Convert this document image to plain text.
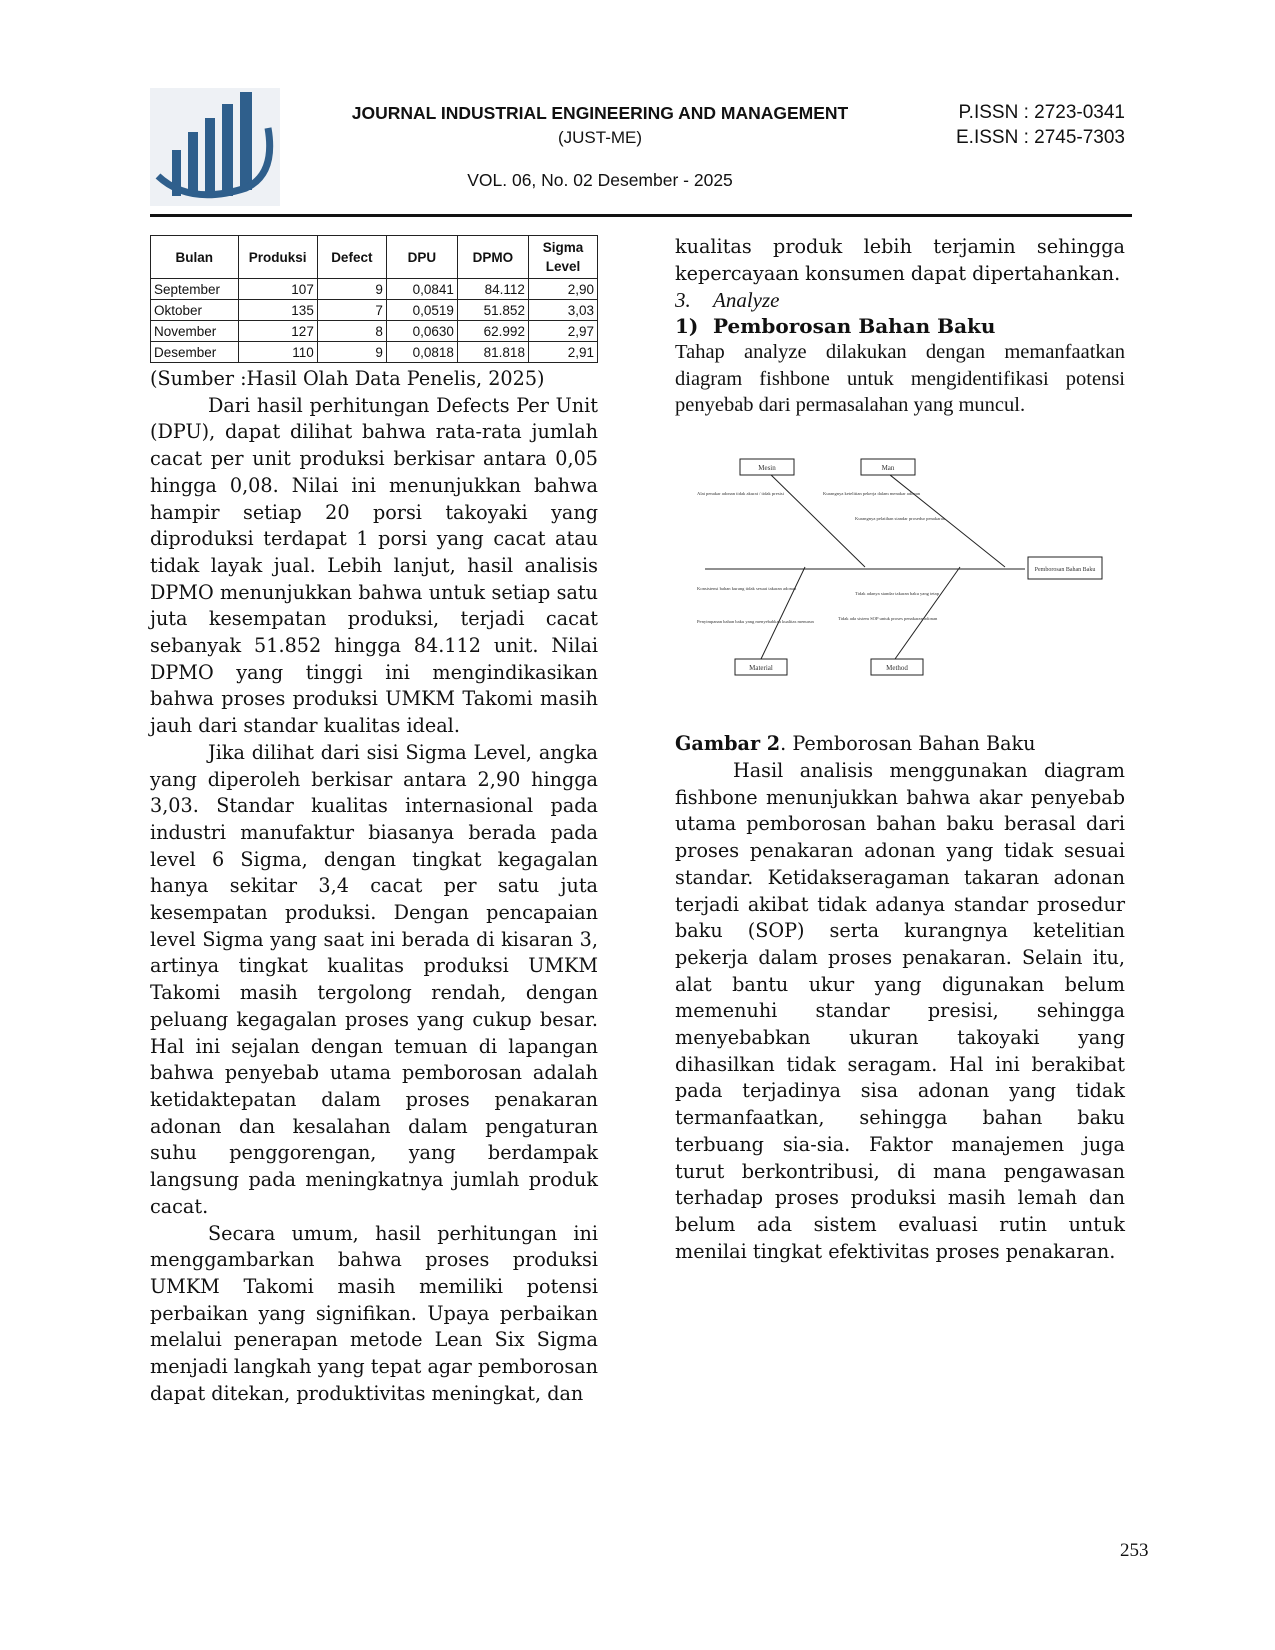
JOURNAL INDUSTRIAL ENGINEERING AND MANAGEMENT
(JUST-ME)
VOL. 06, No. 02 Desember - 2025
P.ISSN : 2723-0341
E.ISSN : 2745-7303
Bulan	Produksi	Defect	DPU	DPMO	Sigma Level
September	107	9	0,0841	84.112	2,90
Oktober	135	7	0,0519	51.852	3,03
November	127	8	0,0630	62.992	2,97
Desember	110	9	0,0818	81.818	2,91

(Sumber :Hasil Olah Data Penelis, 2025)

Dari hasil perhitungan Defects Per Unit (DPU), dapat dilihat bahwa rata-rata jumlah cacat per unit produksi berkisar antara 0,05 hingga 0,08. Nilai ini menunjukkan bahwa hampir setiap 20 porsi takoyaki yang diproduksi terdapat 1 porsi yang cacat atau tidak layak jual. Lebih lanjut, hasil analisis DPMO menunjukkan bahwa untuk setiap satu juta kesempatan produksi, terjadi cacat sebanyak 51.852 hingga 84.112 unit. Nilai DPMO yang tinggi ini mengindikasikan bahwa proses produksi UMKM Takomi masih jauh dari standar kualitas ideal.

Jika dilihat dari sisi Sigma Level, angka yang diperoleh berkisar antara 2,90 hingga 3,03. Standar kualitas internasional pada industri manufaktur biasanya berada pada level 6 Sigma, dengan tingkat kegagalan hanya sekitar 3,4 cacat per satu juta kesempatan produksi. Dengan pencapaian level Sigma yang saat ini berada di kisaran 3, artinya tingkat kualitas produksi UMKM Takomi masih tergolong rendah, dengan peluang kegagalan proses yang cukup besar. Hal ini sejalan dengan temuan di lapangan bahwa penyebab utama pemborosan adalah ketidaktepatan dalam proses penakaran adonan dan kesalahan dalam pengaturan suhu penggorengan, yang berdampak langsung pada meningkatnya jumlah produk cacat.

Secara umum, hasil perhitungan ini menggambarkan bahwa proses produksi UMKM Takomi masih memiliki potensi perbaikan yang signifikan. Upaya perbaikan melalui penerapan metode Lean Six Sigma menjadi langkah yang tepat agar pemborosan dapat ditekan, produktivitas meningkat, dan

kualitas produk lebih terjamin sehingga kepercayaan konsumen dapat dipertahankan.

3. Analyze

1) Pemborosan Bahan Baku

Tahap analyze dilakukan dengan memanfaatkan diagram fishbone untuk mengidentifikasi potensi penyebab dari permasalahan yang muncul.

Pemborosan Bahan Baku
Mesin	Man
Material	Method
Alat penakar adonan tidak akurat / tidak presisi	Kurangnya ketelitian pekerja dalam menakar adonan
Kurangnya pelatihan standar prosedur penakaran
Konsistensi bahan kurang tidak sesuai takaran adonan
Penyimpanan bahan baku yang menyebabkan kualitas menurun
Tidak adanya standar takaran baku yang tetap
Tidak ada sistem SOP untuk proses penakaran adonan
Gambar 2. Pemborosan Bahan Baku

Hasil analisis menggunakan diagram fishbone menunjukkan bahwa akar penyebab utama pemborosan bahan baku berasal dari proses penakaran adonan yang tidak sesuai standar. Ketidakseragaman takaran adonan terjadi akibat tidak adanya standar prosedur baku (SOP) serta kurangnya ketelitian pekerja dalam proses penakaran. Selain itu, alat bantu ukur yang digunakan belum memenuhi standar presisi, sehingga menyebabkan ukuran takoyaki yang dihasilkan tidak seragam. Hal ini berakibat pada terjadinya sisa adonan yang tidak termanfaatkan, sehingga bahan baku terbuang sia-sia. Faktor manajemen juga turut berkontribusi, di mana pengawasan terhadap proses produksi masih lemah dan belum ada sistem evaluasi rutin untuk menilai tingkat efektivitas proses penakaran.

253
